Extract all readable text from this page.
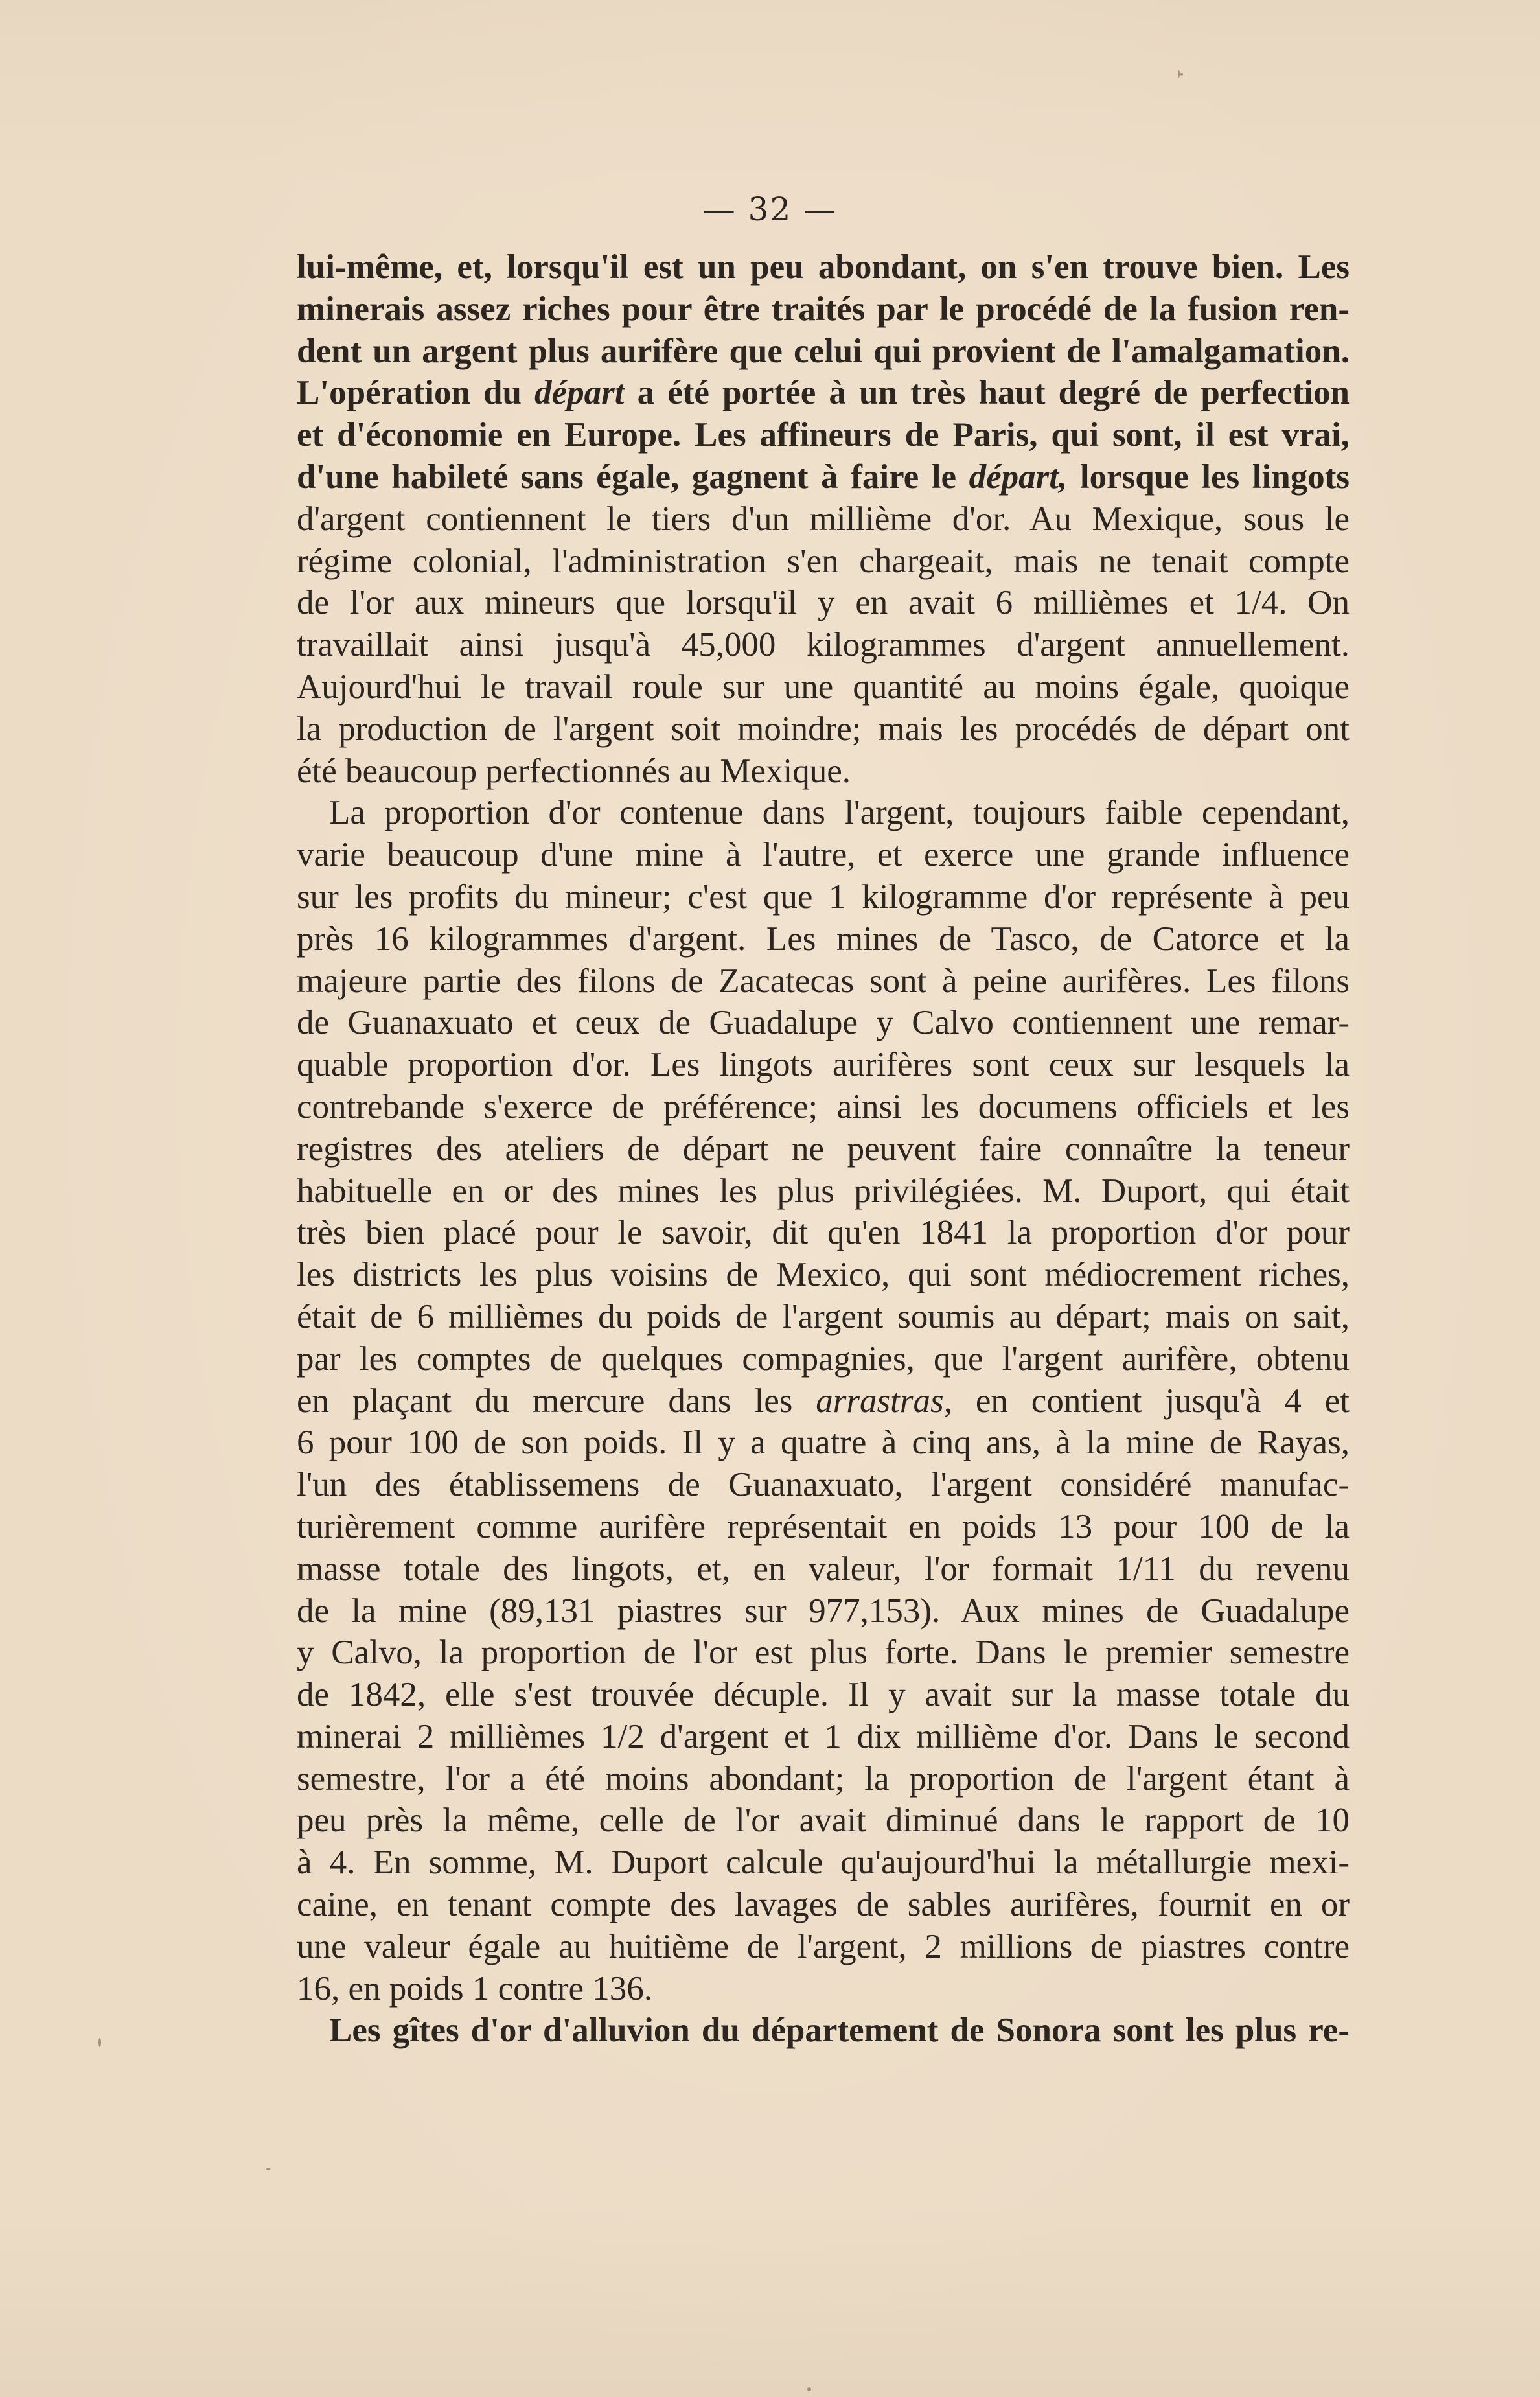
— 32 —
lui-même, et, lorsqu'il est un peu abondant, on s'en trouve bien. Les
minerais assez riches pour être traités par le procédé de la fusion ren-
dent un argent plus aurifère que celui qui provient de l'amalgamation.
L'opération du départ a été portée à un très haut degré de perfection
et d'économie en Europe. Les affineurs de Paris, qui sont, il est vrai,
d'une habileté sans égale, gagnent à faire le départ, lorsque les lingots
d'argent contiennent le tiers d'un millième d'or. Au Mexique, sous le
régime colonial, l'administration s'en chargeait, mais ne tenait compte
de l'or aux mineurs que lorsqu'il y en avait 6 millièmes et 1/4. On
travaillait ainsi jusqu'à 45,000 kilogrammes d'argent annuellement.
Aujourd'hui le travail roule sur une quantité au moins égale, quoique
la production de l'argent soit moindre; mais les procédés de départ ont
été beaucoup perfectionnés au Mexique.
La proportion d'or contenue dans l'argent, toujours faible cependant,
varie beaucoup d'une mine à l'autre, et exerce une grande influence
sur les profits du mineur; c'est que 1 kilogramme d'or représente à peu
près 16 kilogrammes d'argent. Les mines de Tasco, de Catorce et la
majeure partie des filons de Zacatecas sont à peine aurifères. Les filons
de Guanaxuato et ceux de Guadalupe y Calvo contiennent une remar-
quable proportion d'or. Les lingots aurifères sont ceux sur lesquels la
contrebande s'exerce de préférence; ainsi les documens officiels et les
registres des ateliers de départ ne peuvent faire connaître la teneur
habituelle en or des mines les plus privilégiées. M. Duport, qui était
très bien placé pour le savoir, dit qu'en 1841 la proportion d'or pour
les districts les plus voisins de Mexico, qui sont médiocrement riches,
était de 6 millièmes du poids de l'argent soumis au départ; mais on sait,
par les comptes de quelques compagnies, que l'argent aurifère, obtenu
en plaçant du mercure dans les arrastras, en contient jusqu'à 4 et
6 pour 100 de son poids. Il y a quatre à cinq ans, à la mine de Rayas,
l'un des établissemens de Guanaxuato, l'argent considéré manufac-
turièrement comme aurifère représentait en poids 13 pour 100 de la
masse totale des lingots, et, en valeur, l'or formait 1/11 du revenu
de la mine (89,131 piastres sur 977,153). Aux mines de Guadalupe
y Calvo, la proportion de l'or est plus forte. Dans le premier semestre
de 1842, elle s'est trouvée décuple. Il y avait sur la masse totale du
minerai 2 millièmes 1/2 d'argent et 1 dix millième d'or. Dans le second
semestre, l'or a été moins abondant; la proportion de l'argent étant à
peu près la même, celle de l'or avait diminué dans le rapport de 10
à 4. En somme, M. Duport calcule qu'aujourd'hui la métallurgie mexi-
caine, en tenant compte des lavages de sables aurifères, fournit en or
une valeur égale au huitième de l'argent, 2 millions de piastres contre
16, en poids 1 contre 136.
Les gîtes d'or d'alluvion du département de Sonora sont les plus re-
